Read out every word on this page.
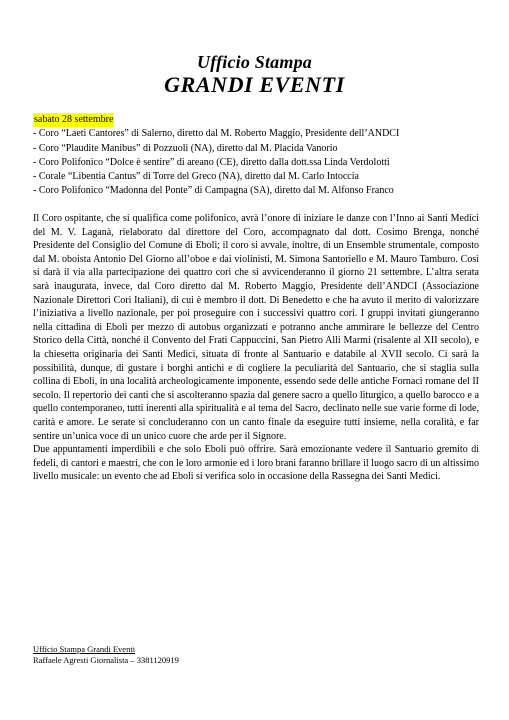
Ufficio Stampa
GRANDI EVENTI
sabato 28 settembre
- Coro “Laeti Cantores” di Salerno, diretto dal M. Roberto Maggio, Presidente dell’ANDCI
- Coro “Plaudite Manibus” di Pozzuoli (NA), diretto dal M. Placida Vanorio
- Coro Polifonico “Dolce è sentire” di areano (CE), diretto dalla dott.ssa Linda Verdolotti
- Corale “Libentia Cantus” di Torre del Greco (NA), diretto dal M. Carlo Intoccia
- Coro Polifonico “Madonna del Ponte” di Campagna (SA), diretto dal M. Alfonso Franco

Il Coro ospitante, che si qualifica come polifonico, avrà l’onore di iniziare le danze con l’Inno ai Santi Medici del M. V. Laganà, rielaborato dal direttore del Coro, accompagnato dal dott. Cosimo Brenga, nonché Presidente del Consiglio del Comune di Eboli; il coro si avvale, inoltre, di un Ensemble strumentale, composto dal M. oboista Antonio Del Giorno all’oboe e dai violinisti, M. Simona Santoriello e M. Mauro Tamburo. Così si darà il via alla partecipazione dei quattro cori che si avvicenderanno il giorno 21 settembre. L’altra serata sarà inaugurata, invece, dal Coro diretto dal M. Roberto Maggio, Presidente dell’ANDCI (Associazione Nazionale Direttori Cori Italiani), di cui è membro il dott. Di Benedetto e che ha avuto il merito di valorizzare l’iniziativa a livello nazionale, per poi proseguire con i successivi quattro cori. I gruppi invitati giungeranno nella cittadina di Eboli per mezzo di autobus organizzati e potranno anche ammirare le bellezze del Centro Storico della Città, nonché il Convento del Frati Cappuccini, San Pietro Alli Marmi (risalente al XII secolo), e la chiesetta originaria dei Santi Medici, situata di fronte al Santuario e databile al XVII secolo. Ci sarà la possibilità, dunque, di gustare i borghi antichi e di cogliere la peculiarità del Santuario, che si staglia sulla collina di Eboli, in una località archeologicamente imponente, essendo sede delle antiche Fornaci romane del II secolo. Il repertorio dei canti che si ascolteranno spazia dal genere sacro a quello liturgico, a quello barocco e a quello contemporaneo, tutti inerenti alla spiritualità e al tema del Sacro, declinato nelle sue varie forme di lode, carità e amore. Le serate si concluderanno con un canto finale da eseguire tutti insieme, nella coralità, e far sentire un’unica voce di un unico cuore che arde per il Signore.

Due appuntamenti imperdibili e che solo Eboli può offrire. Sarà emozionante vedere il Santuario gremito di fedeli, di cantori e maestri, che con le loro armonie ed i loro brani faranno brillare il luogo sacro di un altissimo livello musicale: un evento che ad Eboli si verifica solo in occasione della Rassegna dei Santi Medici.

Ufficio Stampa Grandi Eventi
Raffaele Agresti Giornalista – 3381120919
